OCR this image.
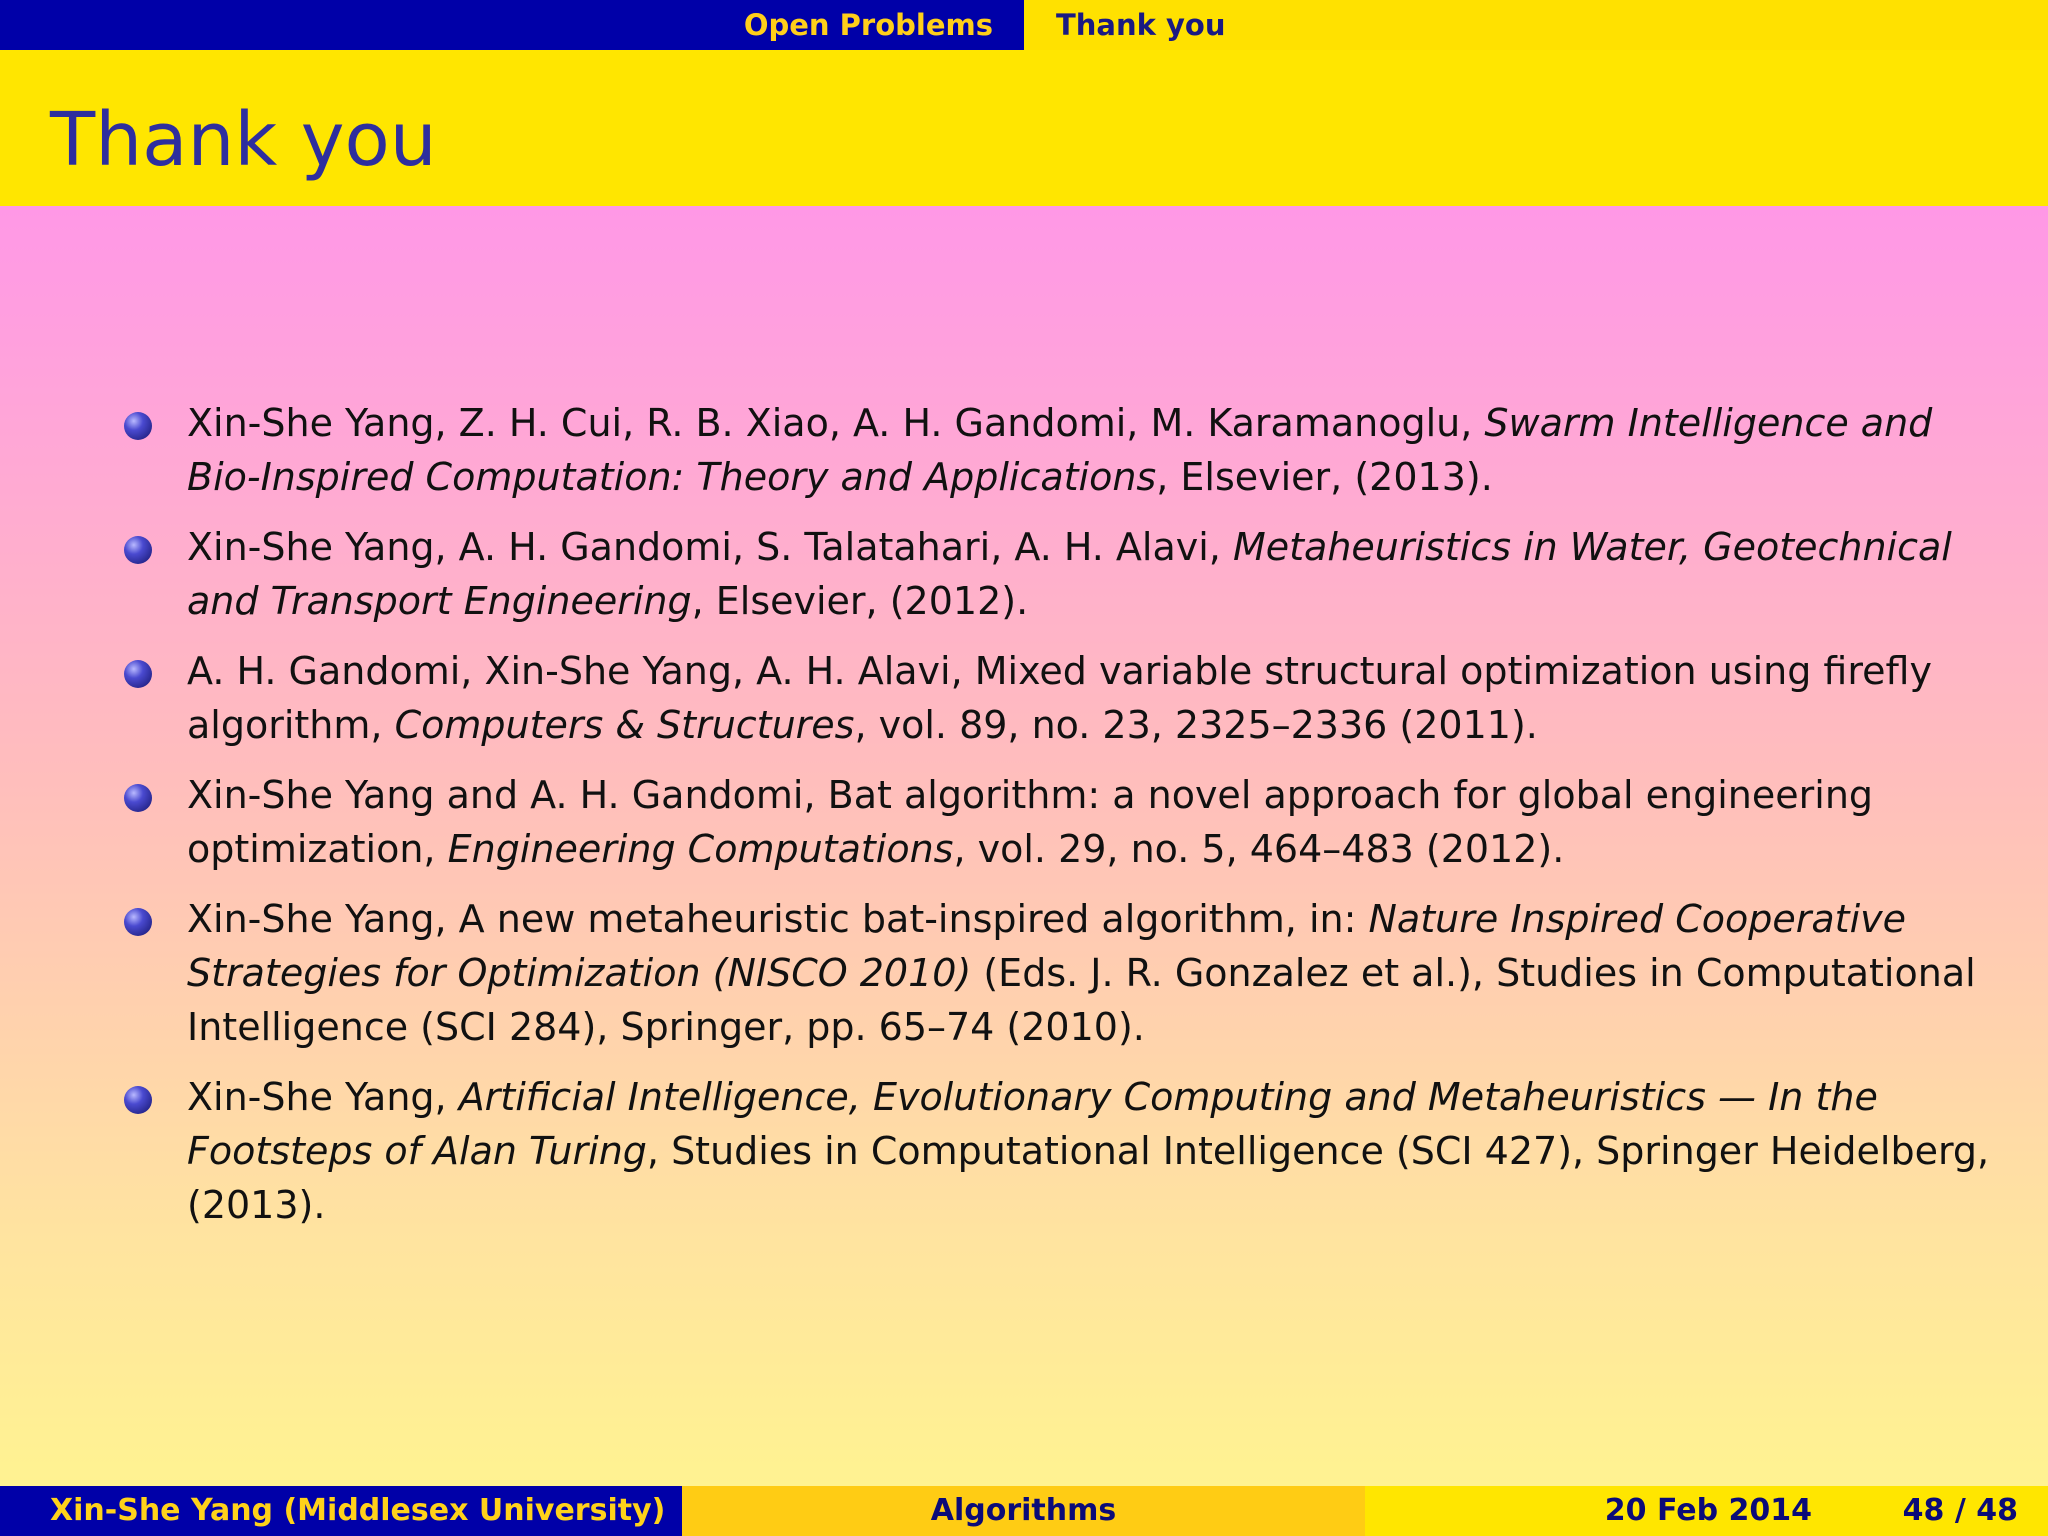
Open Problems Thank you
Thank you
Xin-She Yang, Z. H. Cui, R. B. Xiao, A. H. Gandomi, M. Karamanoglu, Swarm Intelligence and Bio-Inspired Computation: Theory and Applications, Elsevier, (2013).
Xin-She Yang, A. H. Gandomi, S. Talatahari, A. H. Alavi, Metaheuristics in Water, Geotechnical and Transport Engineering, Elsevier, (2012).
A. H. Gandomi, Xin-She Yang, A. H. Alavi, Mixed variable structural optimization using firefly algorithm, Computers & Structures, vol. 89, no. 23, 2325–2336 (2011).
Xin-She Yang and A. H. Gandomi, Bat algorithm: a novel approach for global engineering optimization, Engineering Computations, vol. 29, no. 5, 464–483 (2012).
Xin-She Yang, A new metaheuristic bat-inspired algorithm, in: Nature Inspired Cooperative Strategies for Optimization (NISCO 2010) (Eds. J. R. Gonzalez et al.), Studies in Computational Intelligence (SCI 284), Springer, pp. 65–74 (2010).
Xin-She Yang, Artificial Intelligence, Evolutionary Computing and Metaheuristics — In the Footsteps of Alan Turing, Studies in Computational Intelligence (SCI 427), Springer Heidelberg, (2013).
Xin-She Yang (Middlesex University)	Algorithms	20 Feb 2014	48 / 48
